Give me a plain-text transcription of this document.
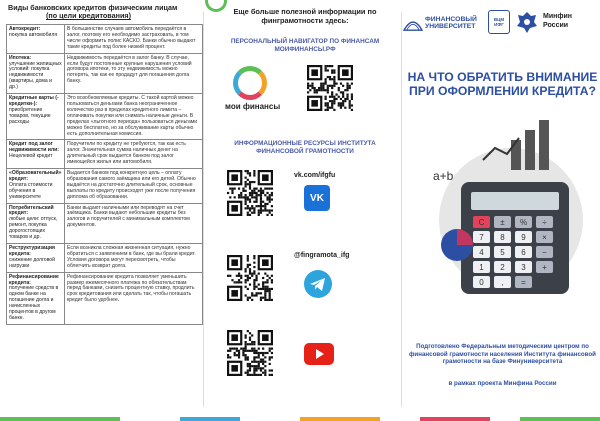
Виды банковских кредитов физическим лицам
(по цели кредитования)
Автокредит:
покупка автомобиля	В большинстве случаев автомобиль передаётся в залог, поэтому его необходимо застраховать, в том числе оформить полис КАСКО. Банки обычно выдают такие кредиты под более низкий процент.

Ипотека:
улучшение жилищных условий: покупка недвижимости (квартиры, дома и др.)	Недвижимость передаётся в залог банку. В случае, если будут постоянные крупные нарушения условий договора ипотеки, то эту недвижимость можно потерять, так как ее продадут для погашения долга банку.

Кредитные карты (-кредитки-):
приобретение товаров, текущие расходы	Это возобновляемые кредиты. С такой картой можно пользоваться деньгами банка неограниченное количество раз в пределах кредитного лимита – оплачивать покупки или снимать наличные деньги. В пределах «льготного периода» пользоваться деньгами можно бесплатно, но за обслуживание карты обычно есть дополнительная комиссия.

Кредит под залог недвижимости или:
Нецелевой кредит	Поручители по кредиту не требуются, так как есть залог. Значительная сумма наличных денег на длительный срок выдается банком под залог имеющейся жилья или автомобиля.

«Образовательный» кредит:
Оплата стоимости обучения в университете	Выдается банком под конкретную цель – оплату образования самого заёмщика или его детей. Обычно выдаётся на достаточно длительный срок, основные выплаты по кредиту происходят уже после получения диплома об образовании.

Потребительский кредит:
любые цели: отпуск, ремонт, покупка дорогостоящих товаров и др.	Банки выдают наличными или переводят на счет заёмщика. Банки выдают небольшие кредиты без залогов и поручителей с минимальным комплектом документов.

Реструктуризация кредита:
снижение долговой нагрузки	Если возникла сложная жизненная ситуация, нужно обратиться с заявлением в банк, где вы брали кредит. Условия договора могут пересмотреть, чтобы облегчить возврат долга.

Рефинансирование кредита:
получение средств в одном банке на погашение долга и начисленных процентов в другом банке.	Рефинансирование кредита позволяет уменьшить размер ежемесячного платежа по обязательствам перед банками, снизить процентную ставку, продлить срок кредитования или сделать так, чтобы погашать кредит было удобнее.
Еще больше полезной информации по финграмотности здесь:
ПЕРСОНАЛЬНЫЙ НАВИГАТОР ПО ФИНАНСАМ МОИФИНАНСЫ.РФ
мои финансы
ИНФОРМАЦИОННЫЕ РЕСУРСЫ ИНСТИТУТА ФИНАНСОВОЙ ГРАМОТНОСТИ
vk.com/ifgfu
VK
@fingramota_ifg
ФИНАНСОВЫЙ
УНИВЕРСИТЕТ
ВЦМ ИФГ
Минфин
России
НА ЧТО ОБРАТИТЬ ВНИМАНИЕ ПРИ ОФОРМЛЕНИИ КРЕДИТА?
C ± % ÷
7 8 9 ×
4 5 6 −
1 2 3 +
0 , =
a+b
Подготовлено Федеральным методическим центром по финансовой грамотности населения Института финансовой грамотности на базе Финуниверситета
в рамках проекта Минфина России
